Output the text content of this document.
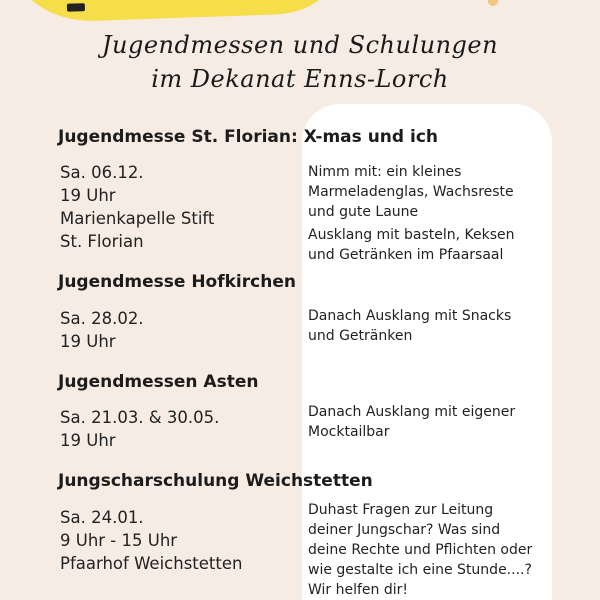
Jugendmessen und Schulungen
im Dekanat Enns-Lorch
Jugendmesse St. Florian: X-mas und ich
Sa. 06.12.
19 Uhr
Marienkapelle Stift
St. Florian
Nimm mit: ein kleines
Marmeladenglas, Wachsreste
und gute Laune
Ausklang mit basteln, Keksen
und Getränken im Pfaarsaal
Jugendmesse Hofkirchen
Sa. 28.02.
19 Uhr
Danach Ausklang mit Snacks
und Getränken
Jugendmessen Asten
Sa. 21.03. & 30.05.
19 Uhr
Danach Ausklang mit eigener
Mocktailbar
Jungscharschulung Weichstetten
Sa. 24.01.
9 Uhr - 15 Uhr
Pfaarhof Weichstetten
Duhast Fragen zur Leitung
deiner Jungschar? Was sind
deine Rechte und Pflichten oder
wie gestalte ich eine Stunde....?
Wir helfen dir!
